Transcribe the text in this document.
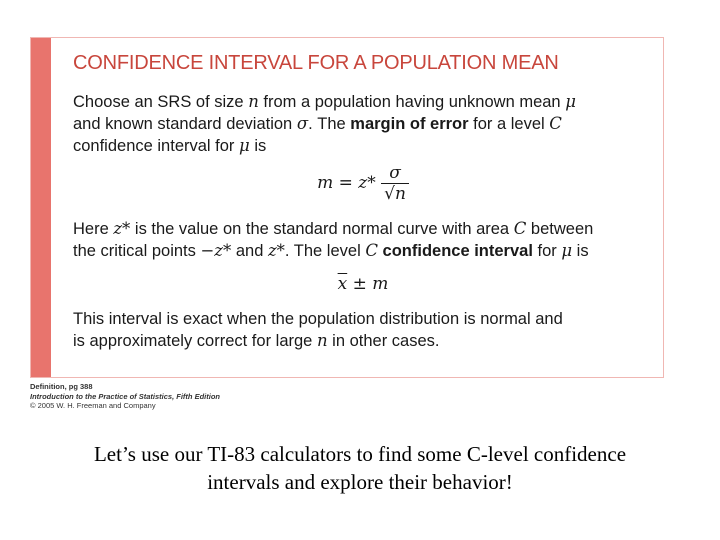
CONFIDENCE INTERVAL FOR A POPULATION MEAN

Choose an SRS of size n from a population having unknown mean μ
and known standard deviation σ. The margin of error for a level C
confidence interval for μ is

$m = z* \frac{\sigma}{√n}$

Here z* is the value on the standard normal curve with area C between
the critical points −z* and z*. The level C confidence interval for μ is

$\overline{x} \pm m$

This interval is exact when the population distribution is normal and
is approximately correct for large n in other cases.

Definition, pg 388
Introduction to the Practice of Statistics, Fifth Edition
© 2005 W. H. Freeman and Company
Let’s use our TI-83 calculators to find some C-level confidence
intervals and explore their behavior!
